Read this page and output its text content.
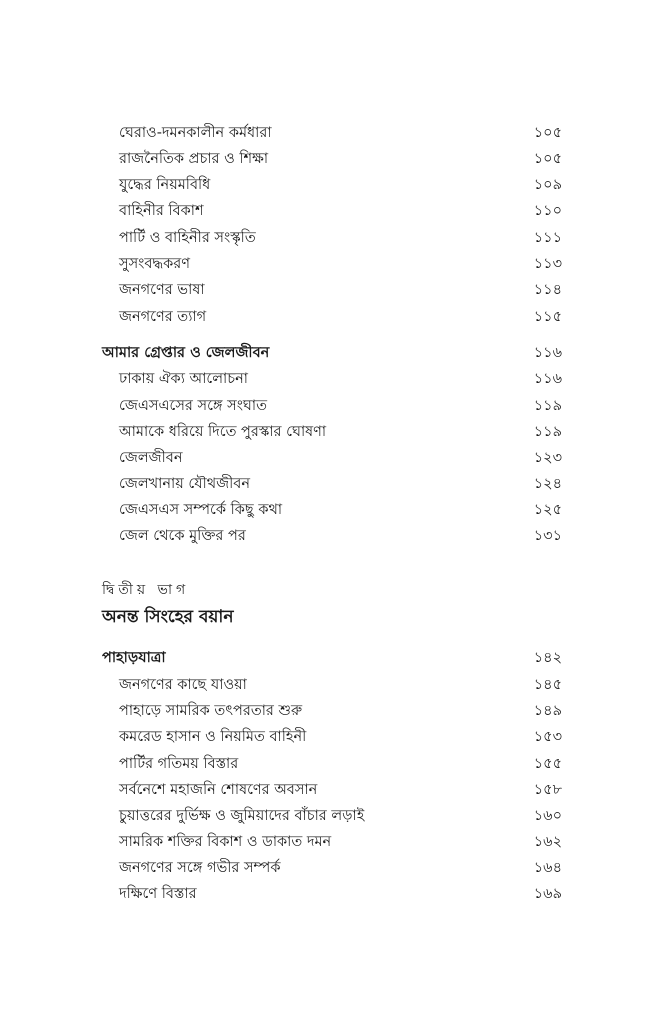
ঘেরাও-দমনকালীন কর্মধারা	১০৫
রাজনৈতিক প্রচার ও শিক্ষা	১০৫
যুদ্ধের নিয়মবিধি	১০৯
বাহিনীর বিকাশ	১১০
পার্টি ও বাহিনীর সংস্কৃতি	১১১
সুসংবদ্ধকরণ	১১৩
জনগণের ভাষা	১১৪
জনগণের ত্যাগ	১১৫
আমার গ্রেপ্তার ও জেলজীবন	১১৬
ঢাকায় ঐক্য আলোচনা	১১৬
জেএসএসের সঙ্গে সংঘাত	১১৯
আমাকে ধরিয়ে দিতে পুরস্কার ঘোষণা	১১৯
জেলজীবন	১২৩
জেলখানায় যৌথজীবন	১২৪
জেএসএস সম্পর্কে কিছু কথা	১২৫
জেল থেকে মুক্তির পর	১৩১
পাহাড়যাত্রা	১৪২
জনগণের কাছে যাওয়া	১৪৫
পাহাড়ে সামরিক তৎপরতার শুরু	১৪৯
কমরেড হাসান ও নিয়মিত বাহিনী	১৫৩
পার্টির গতিময় বিস্তার	১৫৫
সর্বনেশে মহাজনি শোষণের অবসান	১৫৮
চুয়াত্তরের দুর্ভিক্ষ ও জুমিয়াদের বাঁচার লড়াই	১৬০
সামরিক শক্তির বিকাশ ও ডাকাত দমন	১৬২
জনগণের সঙ্গে গভীর সম্পর্ক	১৬৪
দক্ষিণে বিস্তার	১৬৯
দ্বিতীয় ভাগ
অনন্ত সিংহের বয়ান
